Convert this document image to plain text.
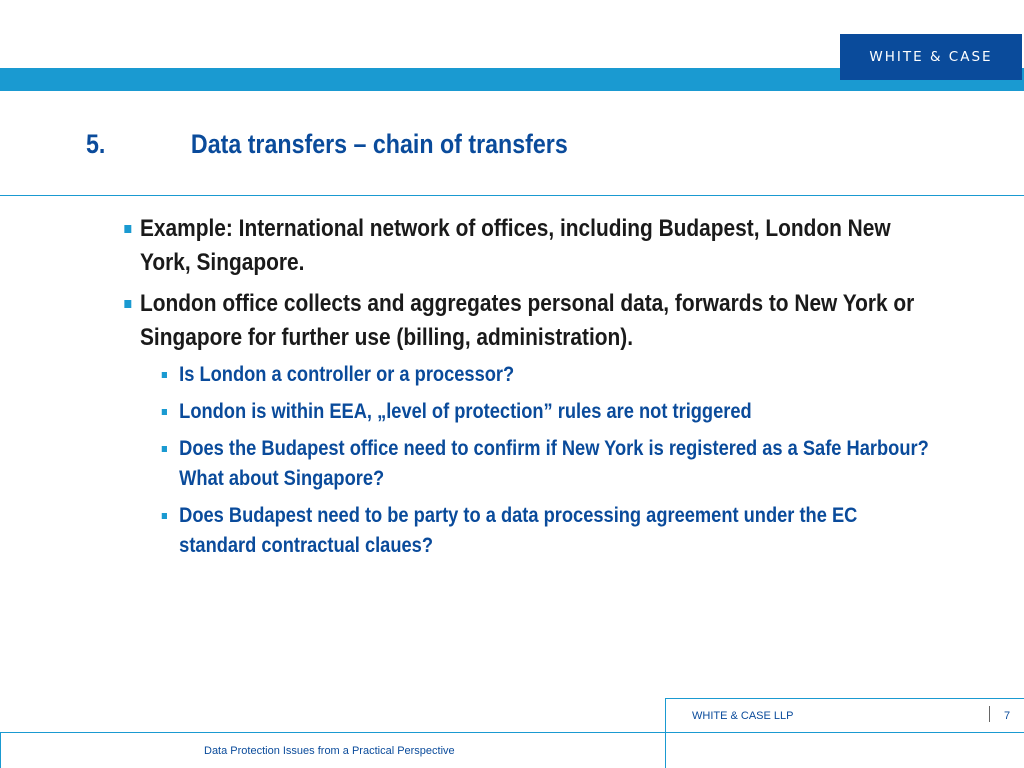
WHITE & CASE
5.	Data transfers – chain of transfers
Example: International network of offices, including Budapest, London New York, Singapore.
London office collects and aggregates personal data, forwards to New York or Singapore for further use (billing, administration).
Is London a controller or a processor?
London is within EEA, „level of protection” rules are not triggered
Does the Budapest office need to confirm if New York is registered as a Safe Harbour? What about Singapore?
Does Budapest need to be party to a data processing agreement under the EC standard contractual claues?
WHITE & CASE LLP	7
Data Protection Issues from a Practical Perspective
